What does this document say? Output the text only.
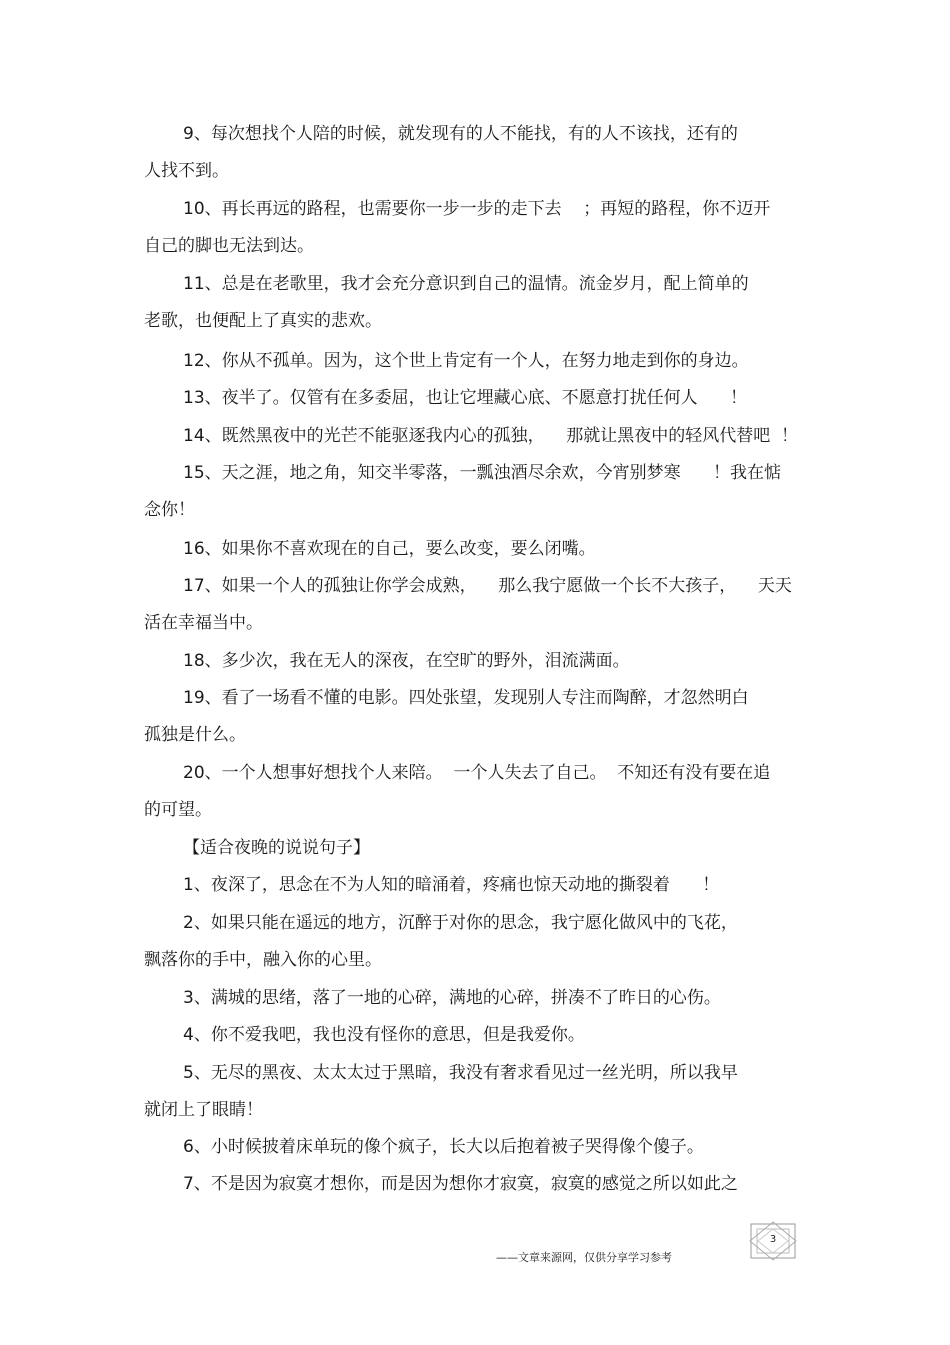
9、每次想找个人陪的时候，就发现有的人不能找，有的人不该找，还有的
人找不到。
10、再长再远的路程，也需要你一步一步的走下去    ；再短的路程，你不迈开
自己的脚也无法到达。
11、总是在老歌里，我才会充分意识到自己的温情。流金岁月，配上简单的
老歌，也便配上了真实的悲欢。
12、你从不孤单。因为，这个世上肯定有一个人，在努力地走到你的身边。
13、夜半了。仅管有在多委屈，也让它埋藏心底、不愿意打扰任何人      ！
14、既然黑夜中的光芒不能驱逐我内心的孤独，    那就让黑夜中的轻风代替吧  ！
15、天之涯，地之角，知交半零落，一瓢浊酒尽余欢，今宵别梦寒      ！我在惦
念你！
16、如果你不喜欢现在的自己，要么改变，要么闭嘴。
17、如果一个人的孤独让你学会成熟，    那么我宁愿做一个长不大孩子，    天天
活在幸福当中。
18、多少次，我在无人的深夜，在空旷的野外，泪流满面。
19、看了一场看不懂的电影。四处张望，发现别人专注而陶醉，才忽然明白
孤独是什么。
20、一个人想事好想找个人来陪。  一个人失去了自己。  不知还有没有要在追
的可望。
【适合夜晚的说说句子】
1、夜深了，思念在不为人知的暗涌着，疼痛也惊天动地的撕裂着      ！
2、如果只能在遥远的地方，沉醉于对你的思念，我宁愿化做风中的飞花，
飘落你的手中，融入你的心里。
3、满城的思绪，落了一地的心碎，满地的心碎，拼凑不了昨日的心伤。
4、你不爱我吧，我也没有怪你的意思，但是我爱你。
5、无尽的黑夜、太太太过于黑暗，我没有奢求看见过一丝光明，所以我早
就闭上了眼睛！
6、小时候披着床单玩的像个疯子，长大以后抱着被子哭得像个傻子。
7、不是因为寂寞才想你，而是因为想你才寂寞，寂寞的感觉之所以如此之
3
——文章来源网，仅供分享学习参考
